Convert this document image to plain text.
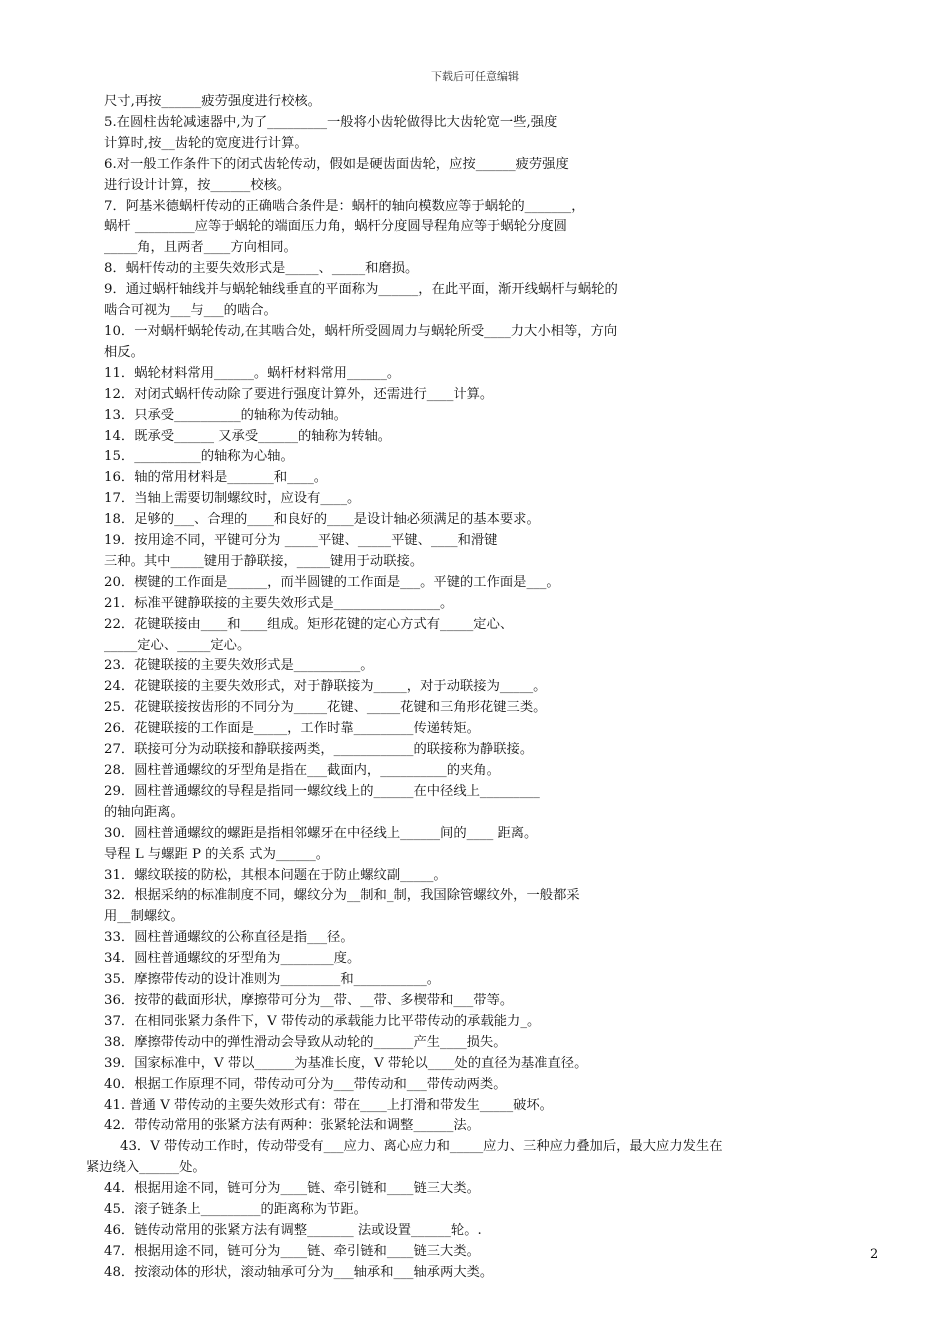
下载后可任意编辑
尺寸,再按______疲劳强度进行校核。
5.在圆柱齿轮减速器中,为了_________一般将小齿轮做得比大齿轮宽一些,强度
计算时,按__齿轮的宽度进行计算。
6.对一般工作条件下的闭式齿轮传动，假如是硬齿面齿轮，应按______疲劳强度
进行设计计算，按______校核。
7．阿基米德蜗杆传动的正确啮合条件是：蜗杆的轴向模数应等于蜗轮的_______，
蜗杆 _________应等于蜗轮的端面压力角，蜗杆分度圆导程角应等于蜗轮分度圆
_____角，且两者____方向相同。
8．蜗杆传动的主要失效形式是_____、_____和磨损。
9．通过蜗杆轴线并与蜗轮轴线垂直的平面称为______，在此平面，渐开线蜗杆与蜗轮的
啮合可视为___与___的啮合。
10．一对蜗杆蜗轮传动,在其啮合处，蜗杆所受圆周力与蜗轮所受____力大小相等，方向
相反。
11．蜗轮材料常用______。蜗杆材料常用______。
12．对闭式蜗杆传动除了要进行强度计算外，还需进行____计算。
13．只承受__________的轴称为传动轴。
14．既承受______ 又承受______的轴称为转轴。
15．__________的轴称为心轴。
16．轴的常用材料是_______和____。
17．当轴上需要切制螺纹时，应设有____。
18．足够的___、合理的____和良好的____是设计轴必须满足的基本要求。
19．按用途不同，平键可分为 _____平键、_____平键、____和滑键
三种。其中_____键用于静联接，_____键用于动联接。
20．楔键的工作面是______，而半圆键的工作面是___。平键的工作面是___。
21．标准平键静联接的主要失效形式是________________。
22．花键联接由____和____组成。矩形花键的定心方式有_____定心、
_____定心、_____定心。
23．花键联接的主要失效形式是__________。
24．花键联接的主要失效形式，对于静联接为_____，对于动联接为_____。
25．花键联接按齿形的不同分为_____花键、_____花键和三角形花键三类。
26．花键联接的工作面是_____，工作时靠_________传递转矩。
27．联接可分为动联接和静联接两类，____________的联接称为静联接。
28．圆柱普通螺纹的牙型角是指在___截面内，__________的夹角。
29．圆柱普通螺纹的导程是指同一螺纹线上的______在中径线上_________
的轴向距离。
30．圆柱普通螺纹的螺距是指相邻螺牙在中径线上______间的____ 距离。
导程 L 与螺距 P 的关系 式为______。
31．螺纹联接的防松，其根本问题在于防止螺纹副_____。
32．根据采纳的标准制度不同，螺纹分为__制和_制，我国除管螺纹外，一般都采
用__制螺纹。
33．圆柱普通螺纹的公称直径是指___径。
34．圆柱普通螺纹的牙型角为________度。
35．摩擦带传动的设计准则为_________和___________。
36．按带的截面形状，摩擦带可分为__带、__带、多楔带和___带等。
37．在相同张紧力条件下，V 带传动的承载能力比平带传动的承载能力_。
38．摩擦带传动中的弹性滑动会导致从动轮的______产生____损失。
39．国家标准中，V 带以______为基准长度，V 带轮以____处的直径为基准直径。
40．根据工作原理不同，带传动可分为___带传动和___带传动两类。
41. 普通 V 带传动的主要失效形式有：带在____上打滑和带发生_____破坏。
42．带传动常用的张紧方法有两种：张紧轮法和调整______法。
43．V 带传动工作时，传动带受有___应力、离心应力和_____应力、三种应力叠加后，最大应力发生在
紧边绕入______处。
44．根据用途不同，链可分为____链、牵引链和____链三大类。
45．滚子链条上_________的距离称为节距。
46．链传动常用的张紧方法有调整_______ 法或设置______轮。.
47．根据用途不同，链可分为____链、牵引链和____链三大类。
48．按滚动体的形状，滚动轴承可分为___轴承和___轴承两大类。
2
